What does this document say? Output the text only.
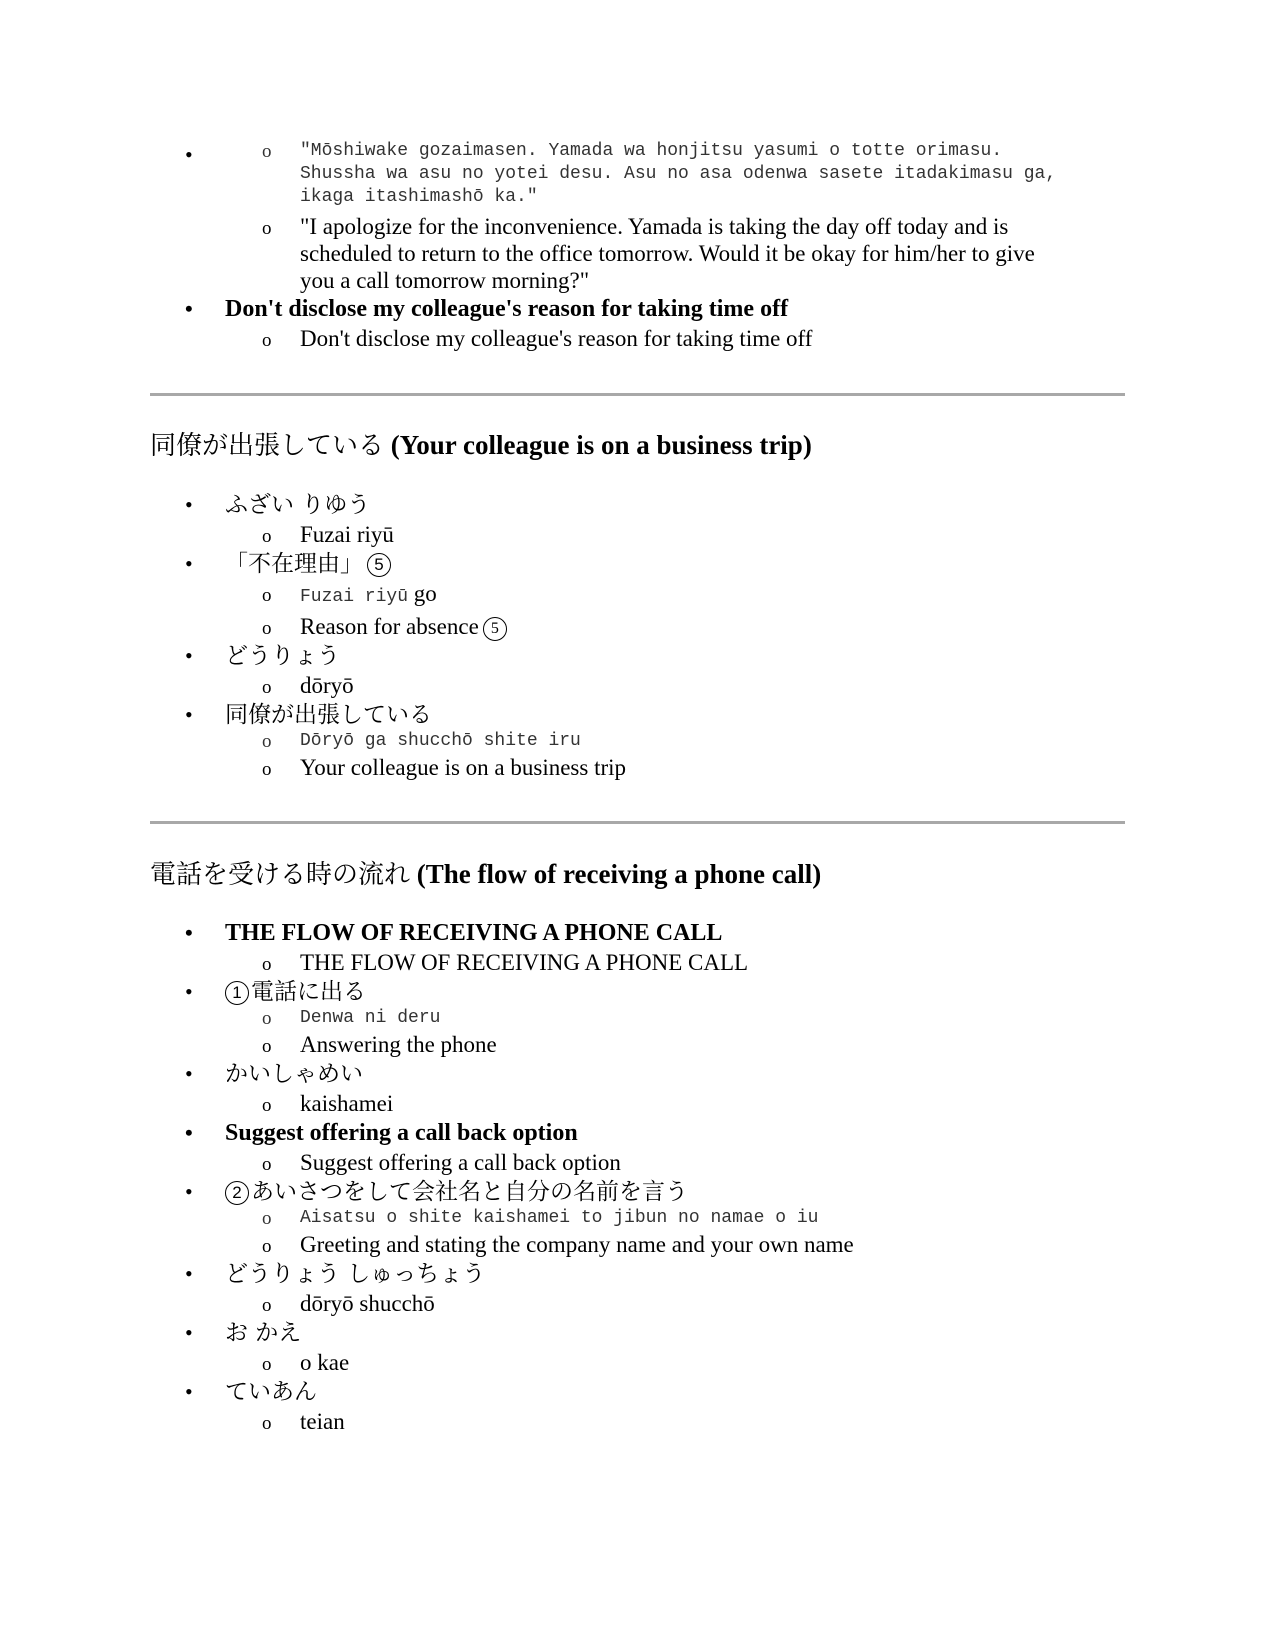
o • "Mōshiwake gozaimasen. Yamada wa honjitsu yasumi o totte orimasu. Shussha wa asu no yotei desu. Asu no asa odenwa sasete itadakimasu ga, ikaga itashimashō ka."
o "I apologize for the inconvenience. Yamada is taking the day off today and is scheduled to return to the office tomorrow. Would it be okay for him/her to give you a call tomorrow morning?"
• Don't disclose my colleague's reason for taking time off
o Don't disclose my colleague's reason for taking time off
同僚が出張している (Your colleague is on a business trip)
• ふざい りゆう
o Fuzai riyū
• 「不在理由」 5
o Fuzai riyū go
o Reason for absence 5
• どうりょう
o dōryō
• 同僚が出張している
o Dōryō ga shucchō shite iru
o Your colleague is on a business trip
電話を受ける時の流れ (The flow of receiving a phone call)
• THE FLOW OF RECEIVING A PHONE CALL
o THE FLOW OF RECEIVING A PHONE CALL
• 1 電話に出る
o Denwa ni deru
o Answering the phone
• かいしゃめい
o kaishamei
• Suggest offering a call back option
o Suggest offering a call back option
• 2 あいさつをして会社名と自分の名前を言う
o Aisatsu o shite kaishamei to jibun no namae o iu
o Greeting and stating the company name and your own name
• どうりょう しゅっちょう
o dōryō shucchō
• お かえ
o o kae
• ていあん
o teian
